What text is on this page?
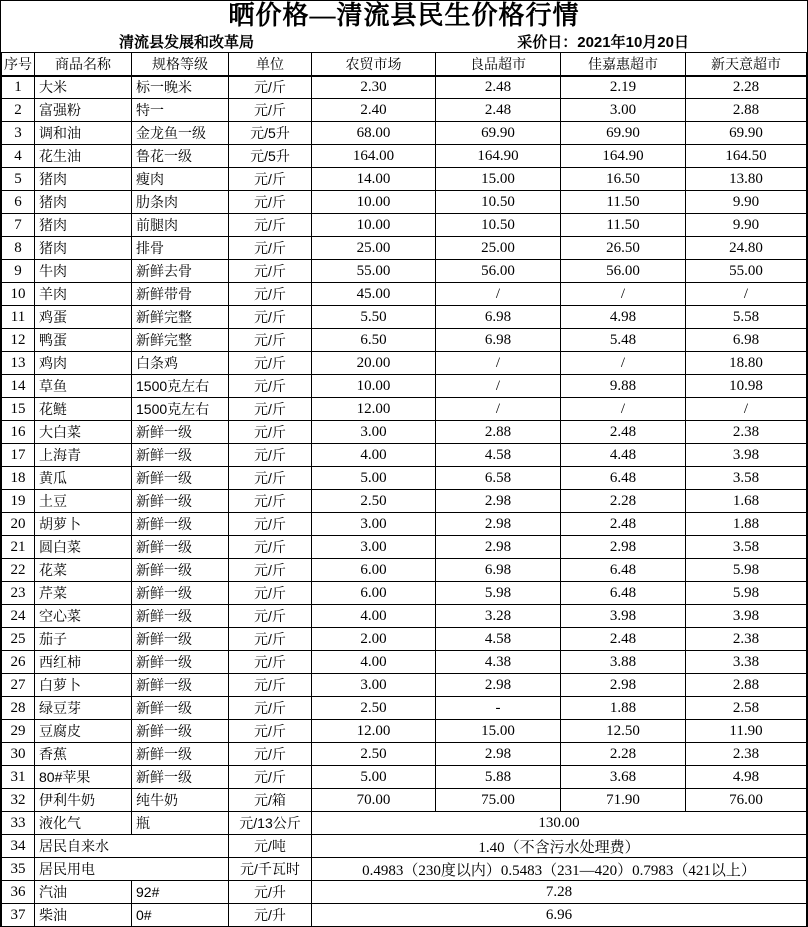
晒价格—清流县民生价格行情
清流县发展和改革局	采价日：2021年10月20日
序号	商品名称	规格等级	单位	农贸市场	良品超市	佳嘉惠超市	新天意超市
1	大米	标一晚米	元/斤	2.30	2.48	2.19	2.28
2	富强粉	特一	元/斤	2.40	2.48	3.00	2.88
3	调和油	金龙鱼一级	元/5升	68.00	69.90	69.90	69.90
4	花生油	鲁花一级	元/5升	164.00	164.90	164.90	164.50
5	猪肉	瘦肉	元/斤	14.00	15.00	16.50	13.80
6	猪肉	肋条肉	元/斤	10.00	10.50	11.50	9.90
7	猪肉	前腿肉	元/斤	10.00	10.50	11.50	9.90
8	猪肉	排骨	元/斤	25.00	25.00	26.50	24.80
9	牛肉	新鲜去骨	元/斤	55.00	56.00	56.00	55.00
10	羊肉	新鲜带骨	元/斤	45.00	/	/	/
11	鸡蛋	新鲜完整	元/斤	5.50	6.98	4.98	5.58
12	鸭蛋	新鲜完整	元/斤	6.50	6.98	5.48	6.98
13	鸡肉	白条鸡	元/斤	20.00	/	/	18.80
14	草鱼	1500克左右	元/斤	10.00	/	9.88	10.98
15	花鲢	1500克左右	元/斤	12.00	/	/	/
16	大白菜	新鲜一级	元/斤	3.00	2.88	2.48	2.38
17	上海青	新鲜一级	元/斤	4.00	4.58	4.48	3.98
18	黄瓜	新鲜一级	元/斤	5.00	6.58	6.48	3.58
19	土豆	新鲜一级	元/斤	2.50	2.98	2.28	1.68
20	胡萝卜	新鲜一级	元/斤	3.00	2.98	2.48	1.88
21	圆白菜	新鲜一级	元/斤	3.00	2.98	2.98	3.58
22	花菜	新鲜一级	元/斤	6.00	6.98	6.48	5.98
23	芹菜	新鲜一级	元/斤	6.00	5.98	6.48	5.98
24	空心菜	新鲜一级	元/斤	4.00	3.28	3.98	3.98
25	茄子	新鲜一级	元/斤	2.00	4.58	2.48	2.38
26	西红柿	新鲜一级	元/斤	4.00	4.38	3.88	3.38
27	白萝卜	新鲜一级	元/斤	3.00	2.98	2.98	2.88
28	绿豆芽	新鲜一级	元/斤	2.50	-	1.88	2.58
29	豆腐皮	新鲜一级	元/斤	12.00	15.00	12.50	11.90
30	香蕉	新鲜一级	元/斤	2.50	2.98	2.28	2.38
31	80#苹果	新鲜一级	元/斤	5.00	5.88	3.68	4.98
32	伊利牛奶	纯牛奶	元/箱	70.00	75.00	71.90	76.00
33	液化气	瓶	元/13公斤	130.00			
34	居民自来水		元/吨	1.40（不含污水处理费）			
35	居民用电		元/千瓦时	0.4983（230度以内）0.5483（231—420）0.7983（421以上）			
36	汽油	92#	元/升	7.28			
37	柴油	0#	元/升	6.96			
